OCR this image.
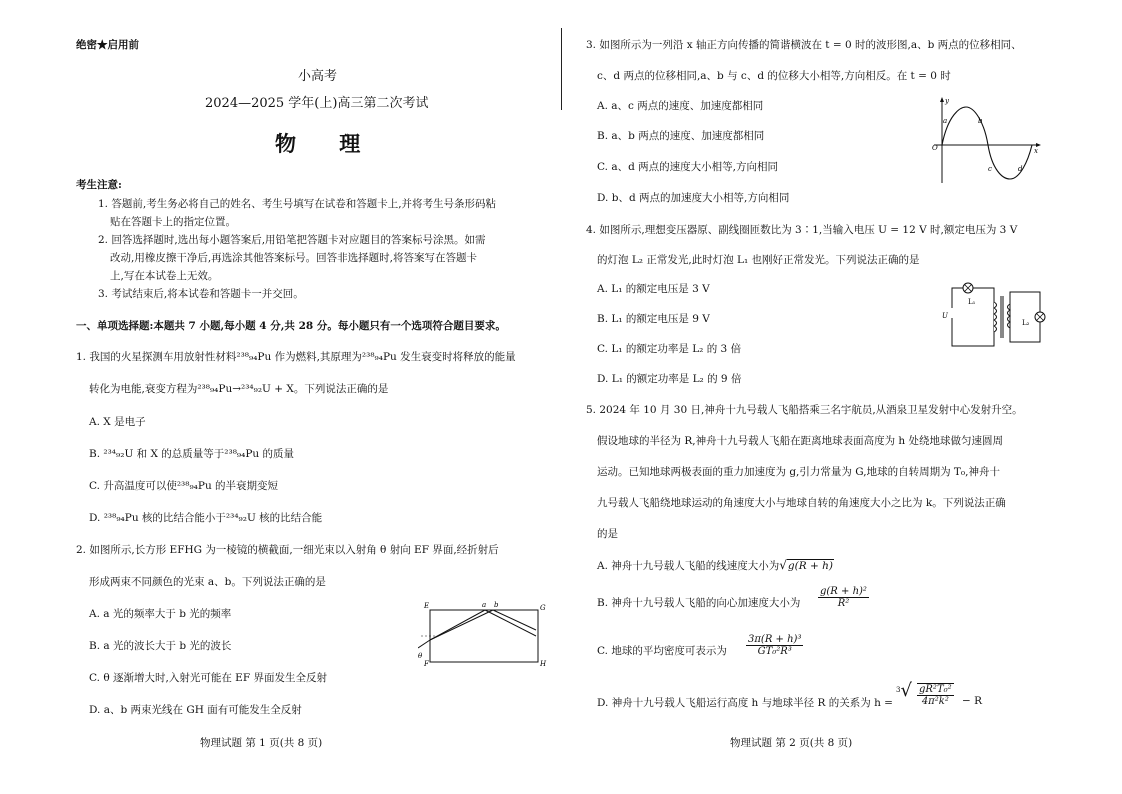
绝密★启用前
小高考
2024—2025 学年(上)高三第二次考试
物 理
考生注意:
1. 答题前,考生务必将自己的姓名、考生号填写在试卷和答题卡上,并将考生号条形码粘
贴在答题卡上的指定位置。
2. 回答选择题时,选出每小题答案后,用铅笔把答题卡对应题目的答案标号涂黑。如需
改动,用橡皮擦干净后,再选涂其他答案标号。回答非选择题时,将答案写在答题卡
上,写在本试卷上无效。
3. 考试结束后,将本试卷和答题卡一并交回。
一、单项选择题:本题共 7 小题,每小题 4 分,共 28 分。每小题只有一个选项符合题目要求。
1. 我国的火星探测车用放射性材料²³⁸₉₄Pu 作为燃料,其原理为²³⁸₉₄Pu 发生衰变时将释放的能量
转化为电能,衰变方程为²³⁸₉₄Pu→²³⁴₉₂U + X。下列说法正确的是
A. X 是电子
B. ²³⁴₉₂U 和 X 的总质量等于²³⁸₉₄Pu 的质量
C. 升高温度可以使²³⁸₉₄Pu 的半衰期变短
D. ²³⁸₉₄Pu 核的比结合能小于²³⁴₉₂U 核的比结合能
2. 如图所示,长方形 EFHG 为一棱镜的横截面,一细光束以入射角 θ 射向 EF 界面,经折射后
形成两束不同颜色的光束 a、b。下列说法正确的是
A. a 光的频率大于 b 光的频率
B. a 光的波长大于 b 光的波长
C. θ 逐渐增大时,入射光可能在 EF 界面发生全反射
D. a、b 两束光线在 GH 面有可能发生全反射
E	G
F	H
a b
θ
物理试题 第 1 页(共 8 页)
3. 如图所示为一列沿 x 轴正方向传播的简谐横波在 t = 0 时的波形图,a、b 两点的位移相同、
c、d 两点的位移相同,a、b 与 c、d 的位移大小相等,方向相反。在 t = 0 时
A. a、c 两点的速度、加速度都相同
B. a、b 两点的速度、加速度都相同
C. a、d 两点的速度大小相等,方向相同
D. b、d 两点的加速度大小相等,方向相同
y
O	x
a	b
c	d
4. 如图所示,理想变压器原、副线圈匝数比为 3∶1,当输入电压 U = 12 V 时,额定电压为 3 V
的灯泡 L₂ 正常发光,此时灯泡 L₁ 也刚好正常发光。下列说法正确的是
A. L₁ 的额定电压是 3 V
B. L₁ 的额定电压是 9 V
C. L₁ 的额定功率是 L₂ 的 3 倍
D. L₁ 的额定功率是 L₂ 的 9 倍
L₁
U
L₂
5. 2024 年 10 月 30 日,神舟十九号载人飞船搭乘三名宇航员,从酒泉卫星发射中心发射升空。
假设地球的半径为 R,神舟十九号载人飞船在距离地球表面高度为 h 处绕地球做匀速圆周
运动。已知地球两极表面的重力加速度为 g,引力常量为 G,地球的自转周期为 T₀,神舟十
九号载人飞船绕地球运动的角速度大小与地球自转的角速度大小之比为 k。下列说法正确
的是
A. 神舟十九号载人飞船的线速度大小为√g(R + h)
B. 神舟十九号载人飞船的向心加速度大小为 $\frac{\text{g(R + h)²}}{\text{R²}}$
C. 地球的平均密度可表示为 $\frac{\text{3π(R + h)³}}{\text{GT₀²R³}}$
D. 神舟十九号载人飞船运行高度 h 与地球半径 R 的关系为 h =
$^3√ \frac{\text{gR²T₀²}}{\text{4π²k²}} - R$
物理试题 第 2 页(共 8 页)
